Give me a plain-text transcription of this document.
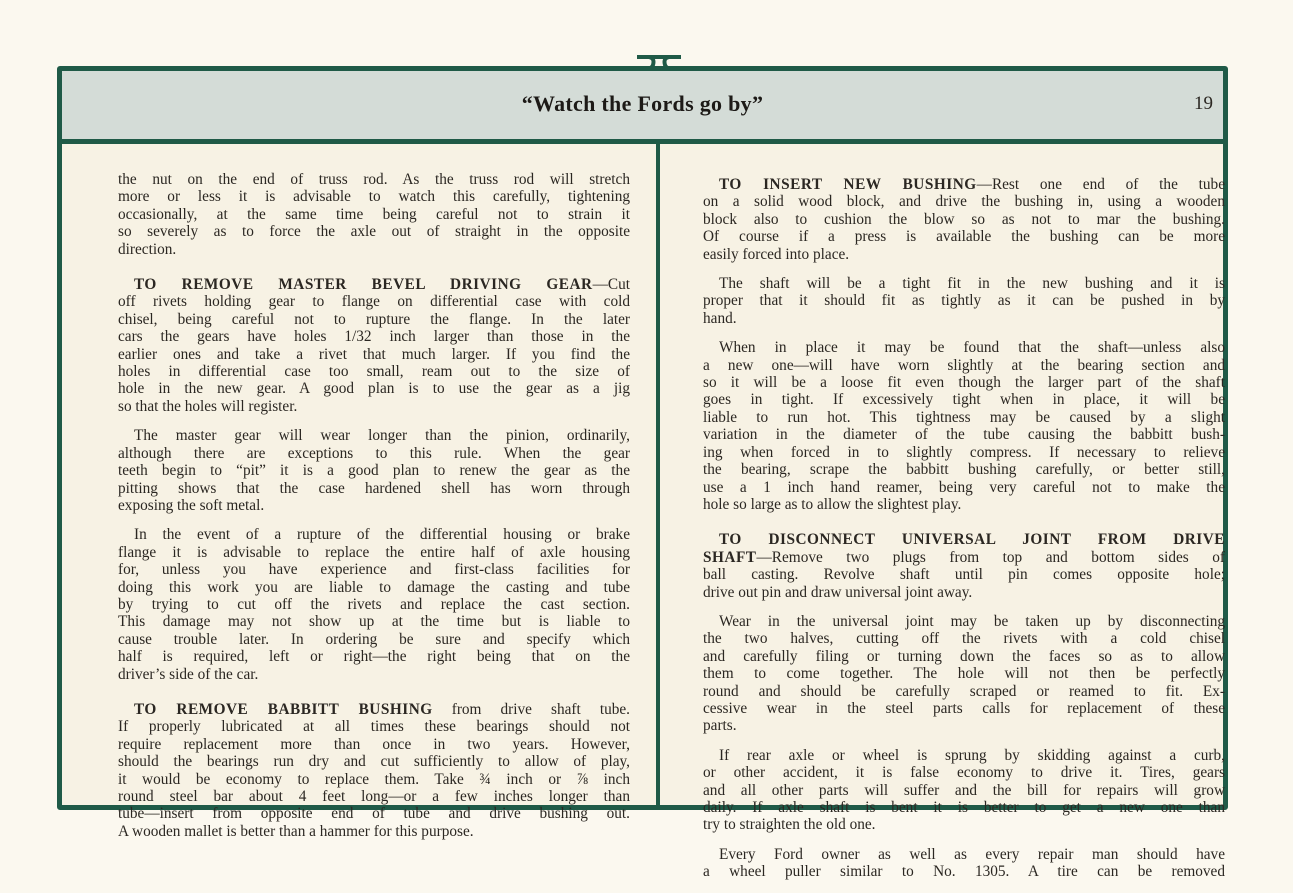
“Watch the Fords go by”	19
the nut on the end of truss rod. As the truss rod will stretch
more or less it is advisable to watch this carefully, tightening
occasionally, at the same time being careful not to strain it
so severely as to force the axle out of straight in the opposite
direction.
TO REMOVE MASTER BEVEL DRIVING GEAR—Cut
off rivets holding gear to flange on differential case with cold
chisel, being careful not to rupture the flange. In the later
cars the gears have holes 1/32 inch larger than those in the
earlier ones and take a rivet that much larger. If you find the
holes in differential case too small, ream out to the size of
hole in the new gear. A good plan is to use the gear as a jig
so that the holes will register.
The master gear will wear longer than the pinion, ordinarily,
although there are exceptions to this rule. When the gear
teeth begin to “pit” it is a good plan to renew the gear as the
pitting shows that the case hardened shell has worn through
exposing the soft metal.
In the event of a rupture of the differential housing or brake
flange it is advisable to replace the entire half of axle housing
for, unless you have experience and first-class facilities for
doing this work you are liable to damage the casting and tube
by trying to cut off the rivets and replace the cast section.
This damage may not show up at the time but is liable to
cause trouble later. In ordering be sure and specify which
half is required, left or right—the right being that on the
driver’s side of the car.
TO REMOVE BABBITT BUSHING from drive shaft tube.
If properly lubricated at all times these bearings should not
require replacement more than once in two years. However,
should the bearings run dry and cut sufficiently to allow of play,
it would be economy to replace them. Take ¾ inch or ⅞ inch
round steel bar about 4 feet long—or a few inches longer than
tube—insert from opposite end of tube and drive bushing out.
A wooden mallet is better than a hammer for this purpose.
TO INSERT NEW BUSHING—Rest one end of the tube
on a solid wood block, and drive the bushing in, using a wooden
block also to cushion the blow so as not to mar the bushing.
Of course if a press is available the bushing can be more
easily forced into place.
The shaft will be a tight fit in the new bushing and it is
proper that it should fit as tightly as it can be pushed in by
hand.
When in place it may be found that the shaft—unless also
a new one—will have worn slightly at the bearing section and
so it will be a loose fit even though the larger part of the shaft
goes in tight. If excessively tight when in place, it will be
liable to run hot. This tightness may be caused by a slight
variation in the diameter of the tube causing the babbitt bush-
ing when forced in to slightly compress. If necessary to relieve
the bearing, scrape the babbitt bushing carefully, or better still,
use a 1 inch hand reamer, being very careful not to make the
hole so large as to allow the slightest play.
TO DISCONNECT UNIVERSAL JOINT FROM DRIVE
SHAFT—Remove two plugs from top and bottom sides of
ball casting. Revolve shaft until pin comes opposite hole;
drive out pin and draw universal joint away.
Wear in the universal joint may be taken up by disconnecting
the two halves, cutting off the rivets with a cold chisel
and carefully filing or turning down the faces so as to allow
them to come together. The hole will not then be perfectly
round and should be carefully scraped or reamed to fit. Ex-
cessive wear in the steel parts calls for replacement of these
parts.
If rear axle or wheel is sprung by skidding against a curb,
or other accident, it is false economy to drive it. Tires, gears
and all other parts will suffer and the bill for repairs will grow
daily. If axle shaft is bent it is better to get a new one than
try to straighten the old one.
Every Ford owner as well as every repair man should have
a wheel puller similar to No. 1305. A tire can be removed
